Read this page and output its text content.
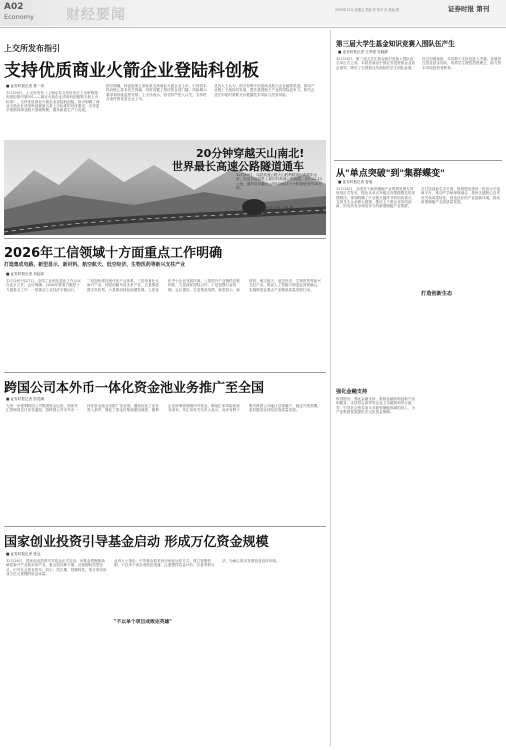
A02
Economy 财经要闻	2023年12月 星期五 责编 李 校对 肖 美编 樊	证券时报 第刊
上交所发布指引
支持优质商业火箭企业登陆科创板
■ 证券时报记者 聂一冉
12月26日，上交所发布《上海证券交易所发行上市审核规则适用指引第5号——商业火箭企业适用科创板第五套上市标准》，支持优质商业火箭企业登陆科创板。指引明确了商业火箭企业适用科创板第五套上市标准的具体要求，引导更多资源向商业航天领域集聚，服务新质生产力发展。
指引明确，科创板第五套标准支持商业火箭企业上市，引导资本投向核心技术攻关领域，同时设置了相应的业绩门槛、风险揭示要求和持续监管安排。上交所表示，将坚持严把入口关，支持符合条件的优质企业上市。
业内人士认为，指引有利于拓宽商业航天企业融资渠道，推动产业链上下游协同发展，提升我国航天产业的国际竞争力。相关企业在申报时需要充分披露技术风险与经营风险。
20分钟穿越天山南北!
世界最长高速公路隧道通车
12月30日，乌尉高速公路天山胜利隧道正式通车运营，这是目前世界上最长的高速公路隧道，全长22.13公里，通车后穿越天山的时间从3个小时缩短至约20分钟。
新华社记者 丁磊 摄
2026年工信领域十方面重点工作明确
打造集成电路、新型显示、新材料、航空航天、低空经济、生物医药等新兴支柱产业
■ 证券时报记者 刘灿邦
12月26日至27日，全国工业和信息化工作会议在北京召开。会议明确，2026年要着力做好十方面重点工作：一是推动工业经济平稳运行，二是加快建设现代化产业体系，三是培育壮大新兴产业，四是前瞻布局未来产业，五是推进数字化转型，六是推动绿色低碳发展，七是优化中小企业发展环境，八是提升产业链供应链韧性，九是深化国际合作，十是加强行业管理。会议提出，打造集成电路、新型显示、新材料、航空航天、低空经济、生物医药等新兴支柱产业，推动人工智能与制造业深度融合，实施制造业重点产业链高质量发展行动。
跨国公司本外币一体化资金池业务推广至全国
■ 证券时报记者 贺觉渊
为进一步便利跨国公司集团资金运营，国家外汇管理局近日发布通知，将跨国公司本外币一体化资金池业务推广至全国。通知优化了业务准入条件，简化了资金归集和使用流程，便利企业统筹管理境内外资金，降低汇率风险和财务成本。外汇局有关负责人表示，此举有利于吸引跨国公司地区总部落户，稳定外资预期，更好服务实体经济高质量发展。
国家创业投资引导基金启动 形成万亿资金规模
■ 证券时报记者 张达
12月26日，国家创业投资引导基金正式启动。该基金将聚焦战略性新兴产业和未来产业，重点投向种子期、初创期科技型企业，引导社会资本投早、投小、投长期、投硬科技，预计带动形成万亿元规模的资金体量。
"不以单个项目成败论英雄"
业内人士指出，引导基金将采用市场化运作方式，建立容错机制，不以单个项目成败论英雄，注重整体效益评价，完善考核办法，为耐心资本发展营造良好环境。
第三届大学生基金知识竞赛入围队伍产生
■ 证券时报记者 王军强 吴晓静
12月26日，第三届大学生基金知识竞赛入围队伍名单正式公布。本届竞赛由中国证券投资基金业协会指导，吸引了全国数百所高校的学生团队参赛，经过初赛选拔，共有数十支队伍进入决赛。竞赛旨在普及基金知识，培养学生理性投资理念，助力资本市场投资者教育。
从"单点突破"到"集群蝶变"
■ 证券时报记者 曾旭
12月26日，全国首个新型储能产业集群发展专项规划正式发布，提出从单点突破走向集群蝶变的发展路径。规划明确了产业链关键环节的培育重点，支持龙头企业做大做强，推动上下游企业协同创新，形成具有全球竞争力的新型储能产业集群。
强化金融支持
规划提出，强化金融支持，鼓励金融机构创新产品和服务，支持符合条件的企业上市融资和发行债券，引导社会资本加大对新型储能领域的投入，为产业集群发展提供多元化资金保障。
打造创新生态
在打造创新生态方面，规划提出建设一批高水平创新平台，推动产学研深度融合，加快关键核心技术攻关和成果转化，营造良好的产业创新环境，推动新型储能产业高质量发展。
